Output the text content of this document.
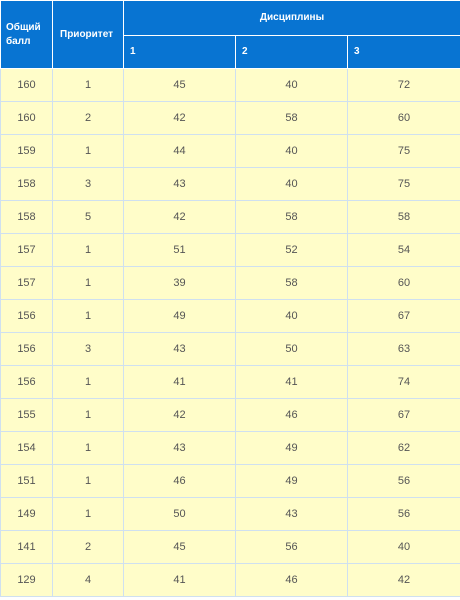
Общий балл	Приоритет	Дисциплины		
		1	2	3
160	1	45	40	72
160	2	42	58	60
159	1	44	40	75
158	3	43	40	75
158	5	42	58	58
157	1	51	52	54
157	1	39	58	60
156	1	49	40	67
156	3	43	50	63
156	1	41	41	74
155	1	42	46	67
154	1	43	49	62
151	1	46	49	56
149	1	50	43	56
141	2	45	56	40
129	4	41	46	42
